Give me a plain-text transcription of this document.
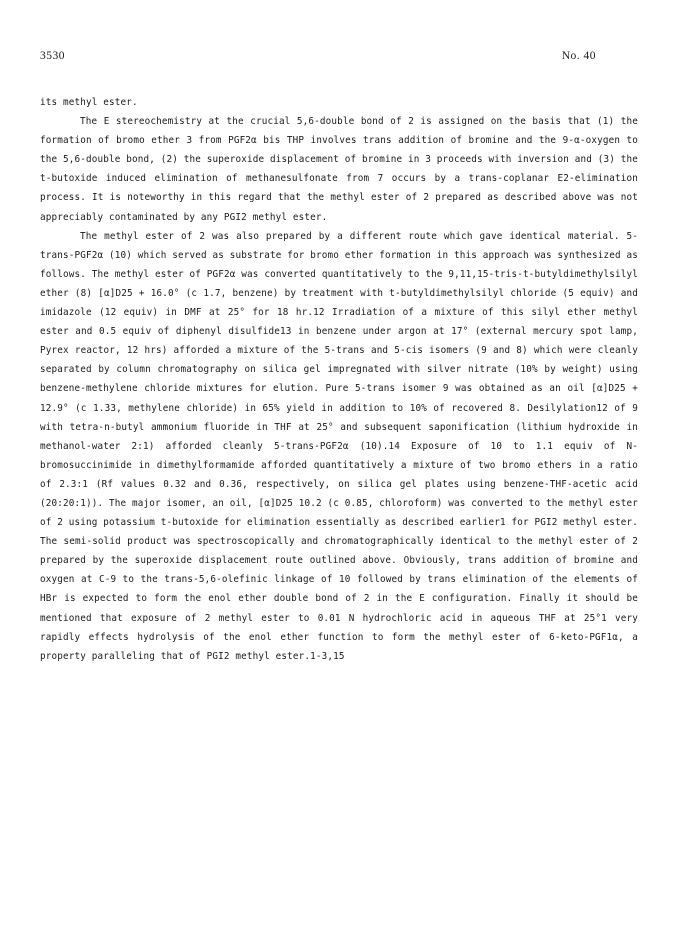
3530	No. 40

its methyl ester.

The E stereochemistry at the crucial 5,6-double bond of 2 is assigned on the basis that (1) the formation of bromo ether 3 from PGF2α bis THP involves trans addition of bromine and the 9-α-oxygen to the 5,6-double bond, (2) the superoxide displacement of bromine in 3 proceeds with inversion and (3) the t-butoxide induced elimination of methanesulfonate from 7 occurs by a trans-coplanar E2-elimination process. It is noteworthy in this regard that the methyl ester of 2 prepared as described above was not appreciably contaminated by any PGI2 methyl ester.

The methyl ester of 2 was also prepared by a different route which gave identical material. 5-trans-PGF2α (10) which served as substrate for bromo ether formation in this approach was synthesized as follows. The methyl ester of PGF2α was converted quantitatively to the 9,11,15-tris-t-butyldimethylsilyl ether (8) [α]D25 + 16.0° (c 1.7, benzene) by treatment with t-butyldimethylsilyl chloride (5 equiv) and imidazole (12 equiv) in DMF at 25° for 18 hr.12 Irradiation of a mixture of this silyl ether methyl ester and 0.5 equiv of diphenyl disulfide13 in benzene under argon at 17° (external mercury spot lamp, Pyrex reactor, 12 hrs) afforded a mixture of the 5-trans and 5-cis isomers (9 and 8) which were cleanly separated by column chromatography on silica gel impregnated with silver nitrate (10% by weight) using benzene-methylene chloride mixtures for elution. Pure 5-trans isomer 9 was obtained as an oil [α]D25 + 12.9° (c 1.33, methylene chloride) in 65% yield in addition to 10% of recovered 8. Desilylation12 of 9 with tetra-n-butyl ammonium fluoride in THF at 25° and subsequent saponification (lithium hydroxide in methanol-water 2:1) afforded cleanly 5-trans-PGF2α (10).14 Exposure of 10 to 1.1 equiv of N-bromosuccinimide in dimethylformamide afforded quantitatively a mixture of two bromo ethers in a ratio of 2.3:1 (Rf values 0.32 and 0.36, respectively, on silica gel plates using benzene-THF-acetic acid (20:20:1)). The major isomer, an oil, [α]D25 10.2 (c 0.85, chloroform) was converted to the methyl ester of 2 using potassium t-butoxide for elimination essentially as described earlier1 for PGI2 methyl ester. The semi-solid product was spectroscopically and chromatographically identical to the methyl ester of 2 prepared by the superoxide displacement route outlined above. Obviously, trans addition of bromine and oxygen at C-9 to the trans-5,6-olefinic linkage of 10 followed by trans elimination of the elements of HBr is expected to form the enol ether double bond of 2 in the E configuration. Finally it should be mentioned that exposure of 2 methyl ester to 0.01 N hydrochloric acid in aqueous THF at 25°1 very rapidly effects hydrolysis of the enol ether function to form the methyl ester of 6-keto-PGF1α, a property paralleling that of PGI2 methyl ester.1-3,15
